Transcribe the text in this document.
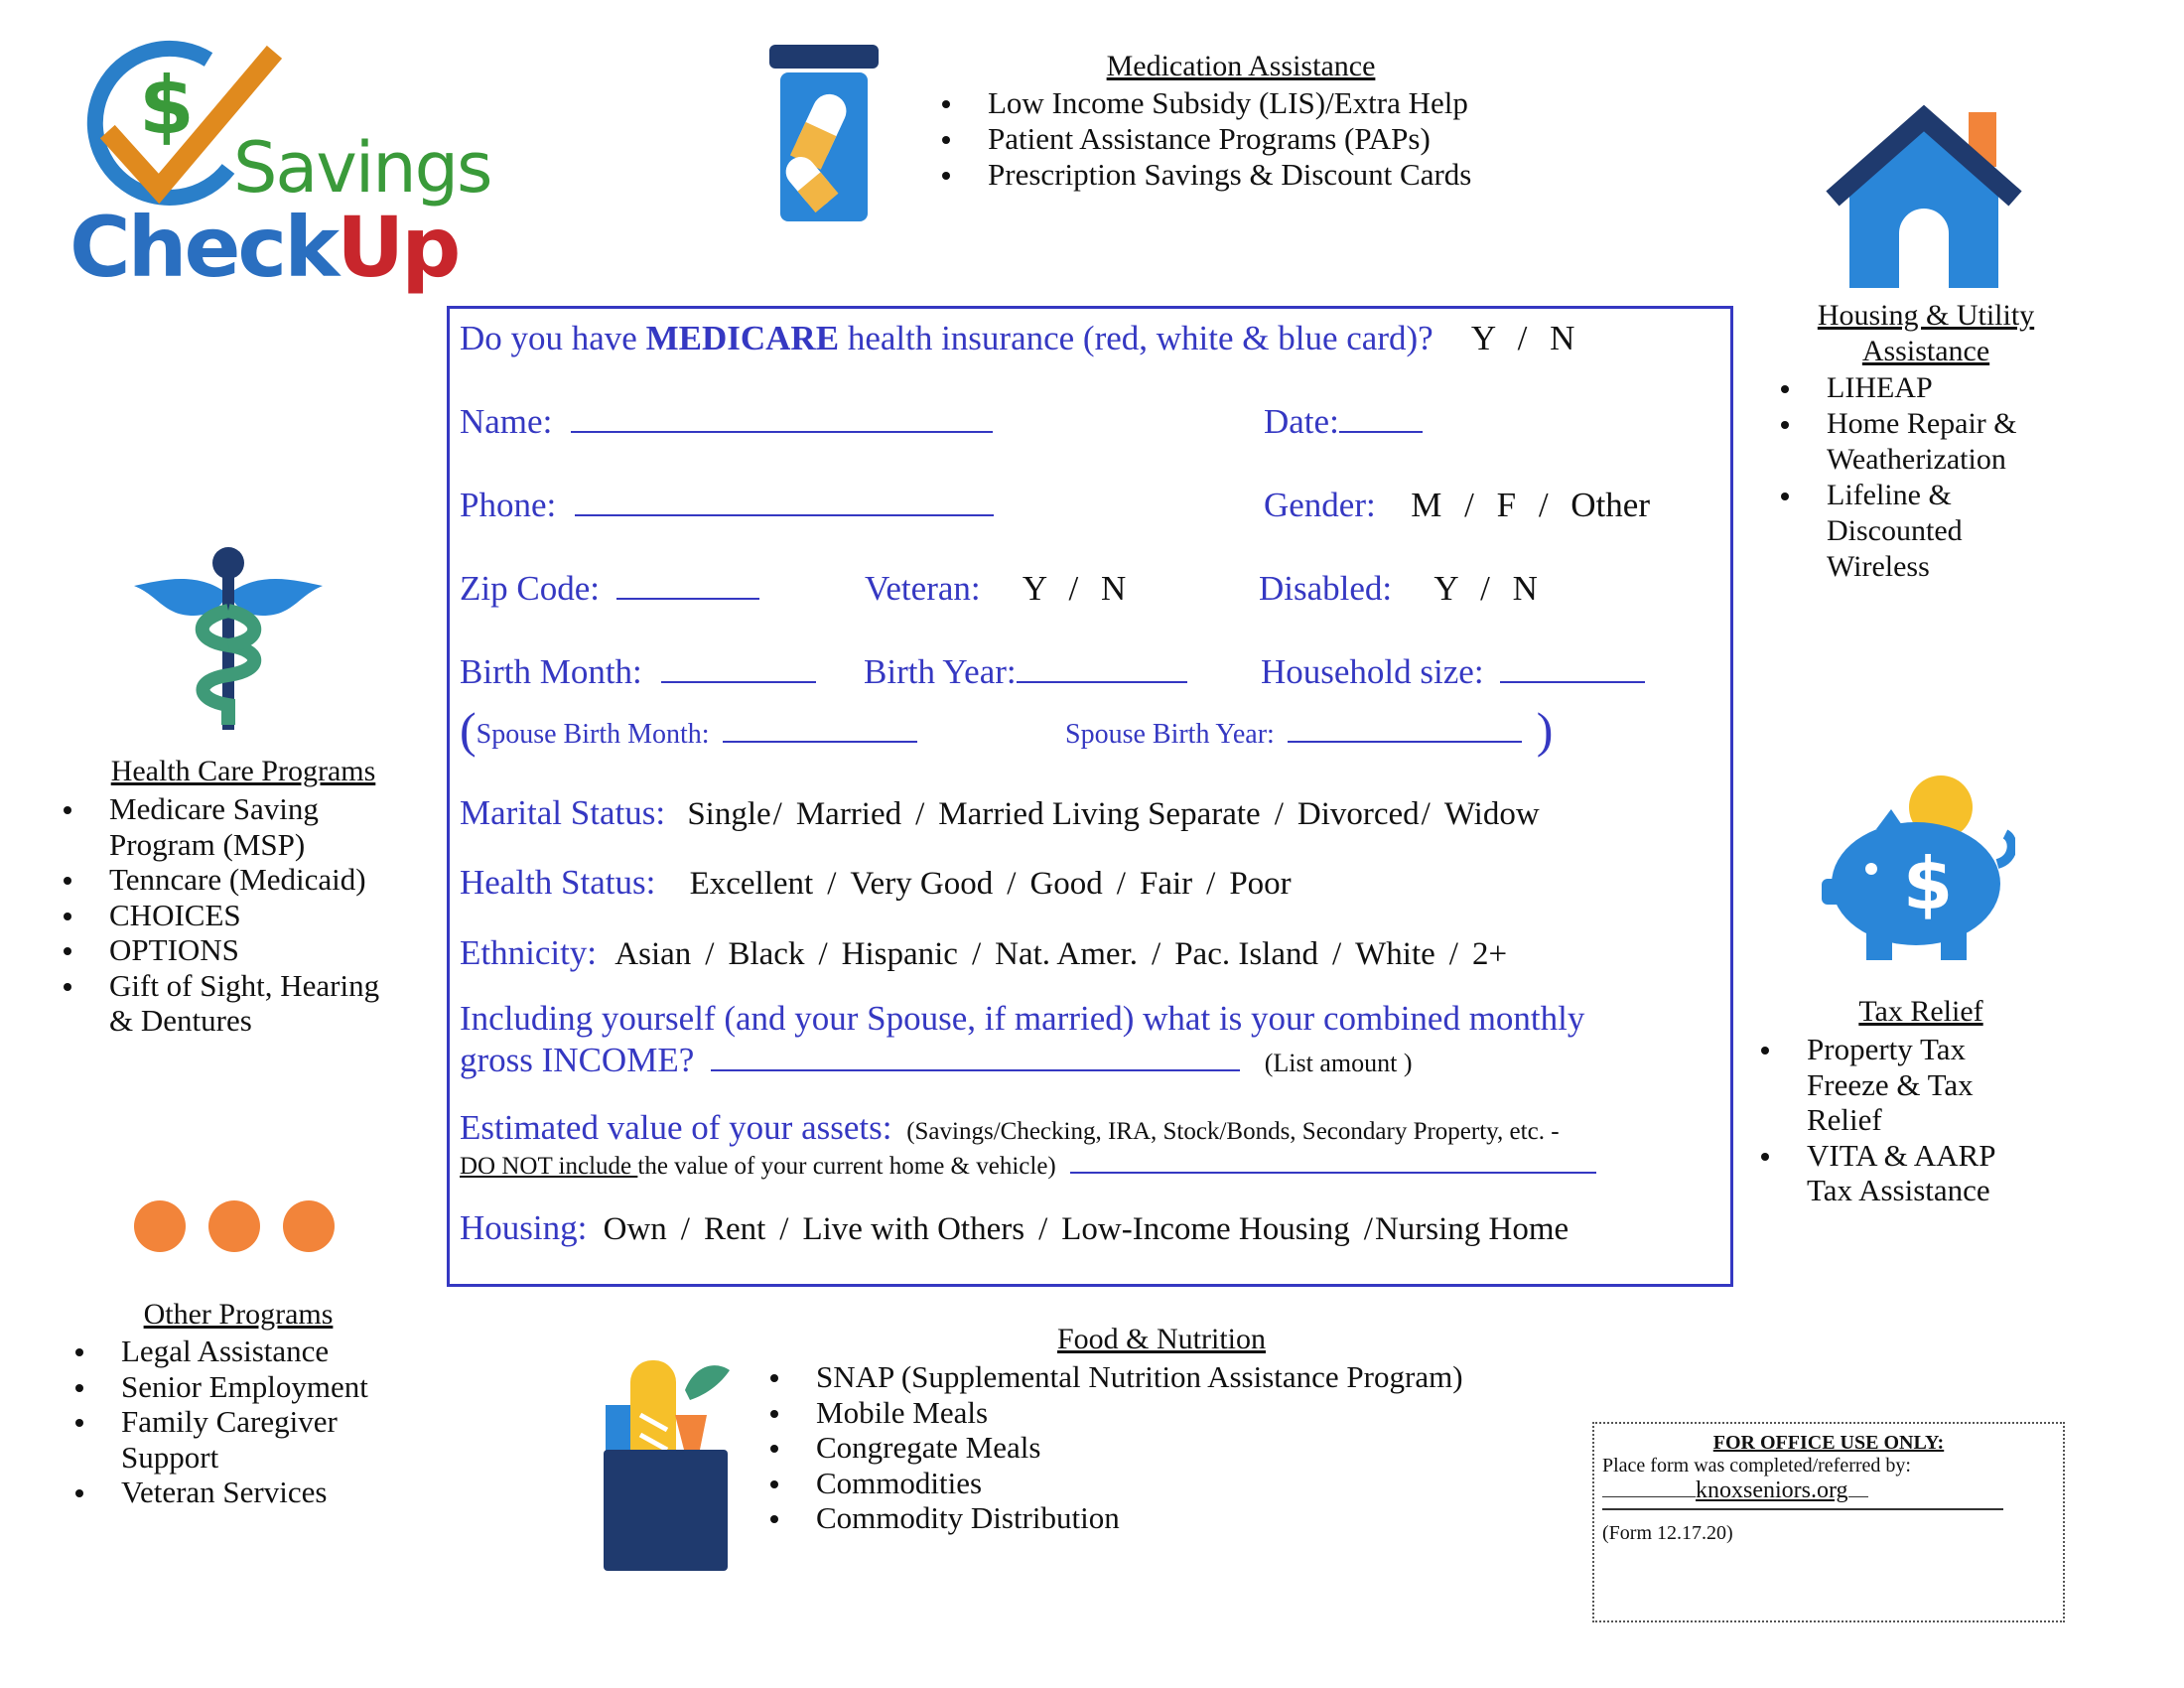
$
Savings
CheckUp
Medication Assistance
Low Income Subsidy (LIS)/Extra Help
Patient Assistance Programs (PAPs)
Prescription Savings & Discount Cards
Housing & Utility
Assistance
LIHEAP
Home Repair &
Weatherization
Lifeline &
Discounted
Wireless
Health Care Programs
Medicare Saving
Program (MSP)
Tenncare (Medicaid)
CHOICES
OPTIONS
Gift of Sight, Hearing
& Dentures
$
Tax Relief
Property Tax
Freeze & Tax
Relief
VITA & AARP
Tax Assistance
Other Programs
Legal Assistance
Senior Employment
Family Caregiver
Support
Veteran Services
Food & Nutrition
SNAP (Supplemental Nutrition Assistance Program)
Mobile Meals
Congregate Meals
Commodities
Commodity Distribution
Do you have MEDICARE health insurance (red, white & blue card)? Y / N
Name:	Date:
Phone:	Gender: M / F / Other
Zip Code:	Veteran: Y / N	Disabled: Y / N
Birth Month:	Birth Year:	Household size:
(Spouse Birth Month:	Spouse Birth Year:	)
Marital Status: Single/ Married / Married Living Separate / Divorced/ Widow
Health Status: Excellent / Very Good / Good / Fair / Poor
Ethnicity: Asian / Black / Hispanic / Nat. Amer. / Pac. Island / White / 2+
Including yourself (and your Spouse, if married) what is your combined monthly
gross INCOME?	(List amount )
Estimated value of your assets: (Savings/Checking, IRA, Stock/Bonds, Secondary Property, etc. -
DO NOT include the value of your current home & vehicle)
Housing: Own / Rent / Live with Others / Low-Income Housing /Nursing Home
FOR OFFICE USE ONLY:
Place form was completed/referred by:
knoxseniors.org
(Form 12.17.20)
